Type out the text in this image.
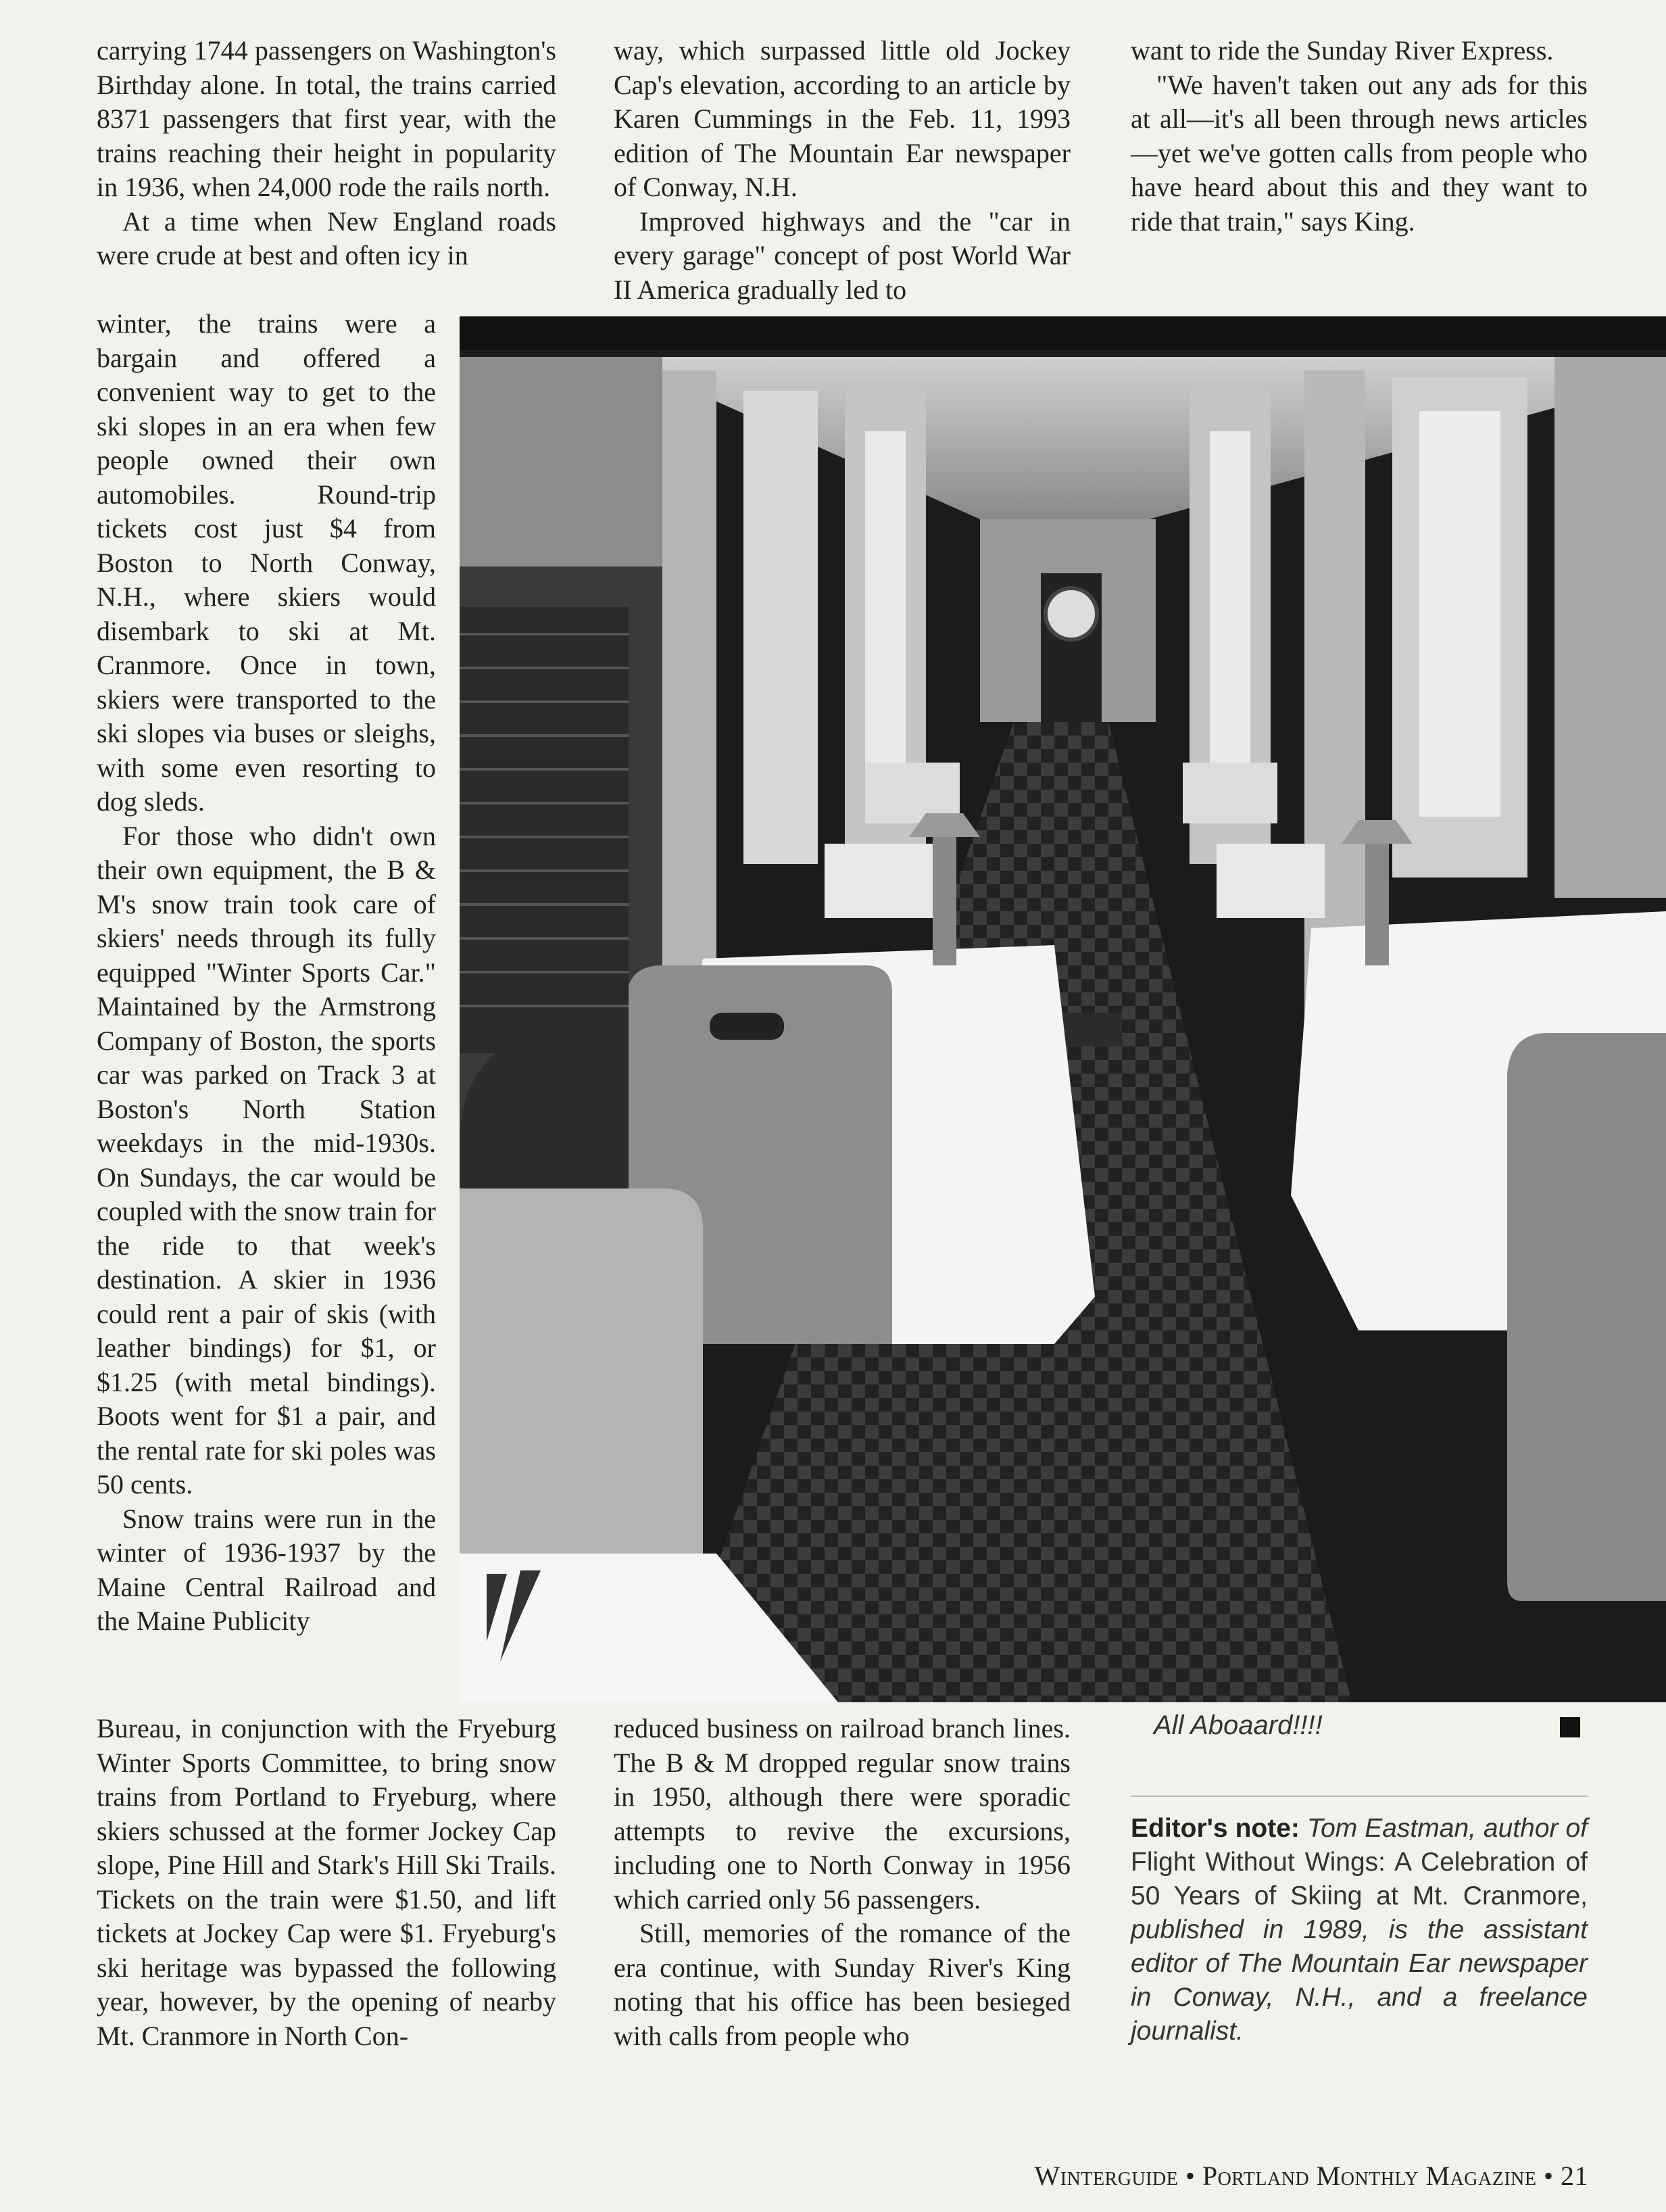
carrying 1744 passengers on Washington's Birthday alone. In total, the trains carried 8371 passengers that first year, with the trains reaching their height in popularity in 1936, when 24,000 rode the rails north.

At a time when New England roads were crude at best and often icy in

winter, the trains were a bargain and offered a convenient way to get to the ski slopes in an era when few people owned their own automobiles. Round-trip tickets cost just $4 from Boston to North Conway, N.H., where skiers would disembark to ski at Mt. Cranmore. Once in town, skiers were transported to the ski slopes via buses or sleighs, with some even resorting to dog sleds.

For those who didn't own their own equipment, the B & M's snow train took care of skiers' needs through its fully equipped "Winter Sports Car." Maintained by the Armstrong Company of Boston, the sports car was parked on Track 3 at Boston's North Station weekdays in the mid-1930s. On Sundays, the car would be coupled with the snow train for the ride to that week's destination. A skier in 1936 could rent a pair of skis (with leather bindings) for $1, or $1.25 (with metal bindings). Boots went for $1 a pair, and the rental rate for ski poles was 50 cents.

Snow trains were run in the winter of 1936-1937 by the Maine Central Railroad and the Maine Publicity

Bureau, in conjunction with the Fryeburg Winter Sports Committee, to bring snow trains from Portland to Fryeburg, where skiers schussed at the former Jockey Cap slope, Pine Hill and Stark's Hill Ski Trails. Tickets on the train were $1.50, and lift tickets at Jockey Cap were $1. Fryeburg's ski heritage was bypassed the following year, however, by the opening of nearby Mt. Cranmore in North Con-

way, which surpassed little old Jockey Cap's elevation, according to an article by Karen Cummings in the Feb. 11, 1993 edition of The Mountain Ear newspaper of Conway, N.H.

Improved highways and the "car in every garage" concept of post World War II America gradually led to

reduced business on railroad branch lines. The B & M dropped regular snow trains in 1950, although there were sporadic attempts to revive the excursions, including one to North Conway in 1956 which carried only 56 passengers.

Still, memories of the romance of the era continue, with Sunday River's King noting that his office has been besieged with calls from people who

want to ride the Sunday River Express.

"We haven't taken out any ads for this at all—it's all been through news articles—yet we've gotten calls from people who have heard about this and they want to ride that train," says King.

All Aboaard!!!!
Editor's note: Tom Eastman, author of Flight Without Wings: A Celebration of 50 Years of Skiing at Mt. Cranmore, published in 1989, is the assistant editor of The Mountain Ear newspaper in Conway, N.H., and a freelance journalist.
Winterguide • Portland Monthly Magazine • 21
